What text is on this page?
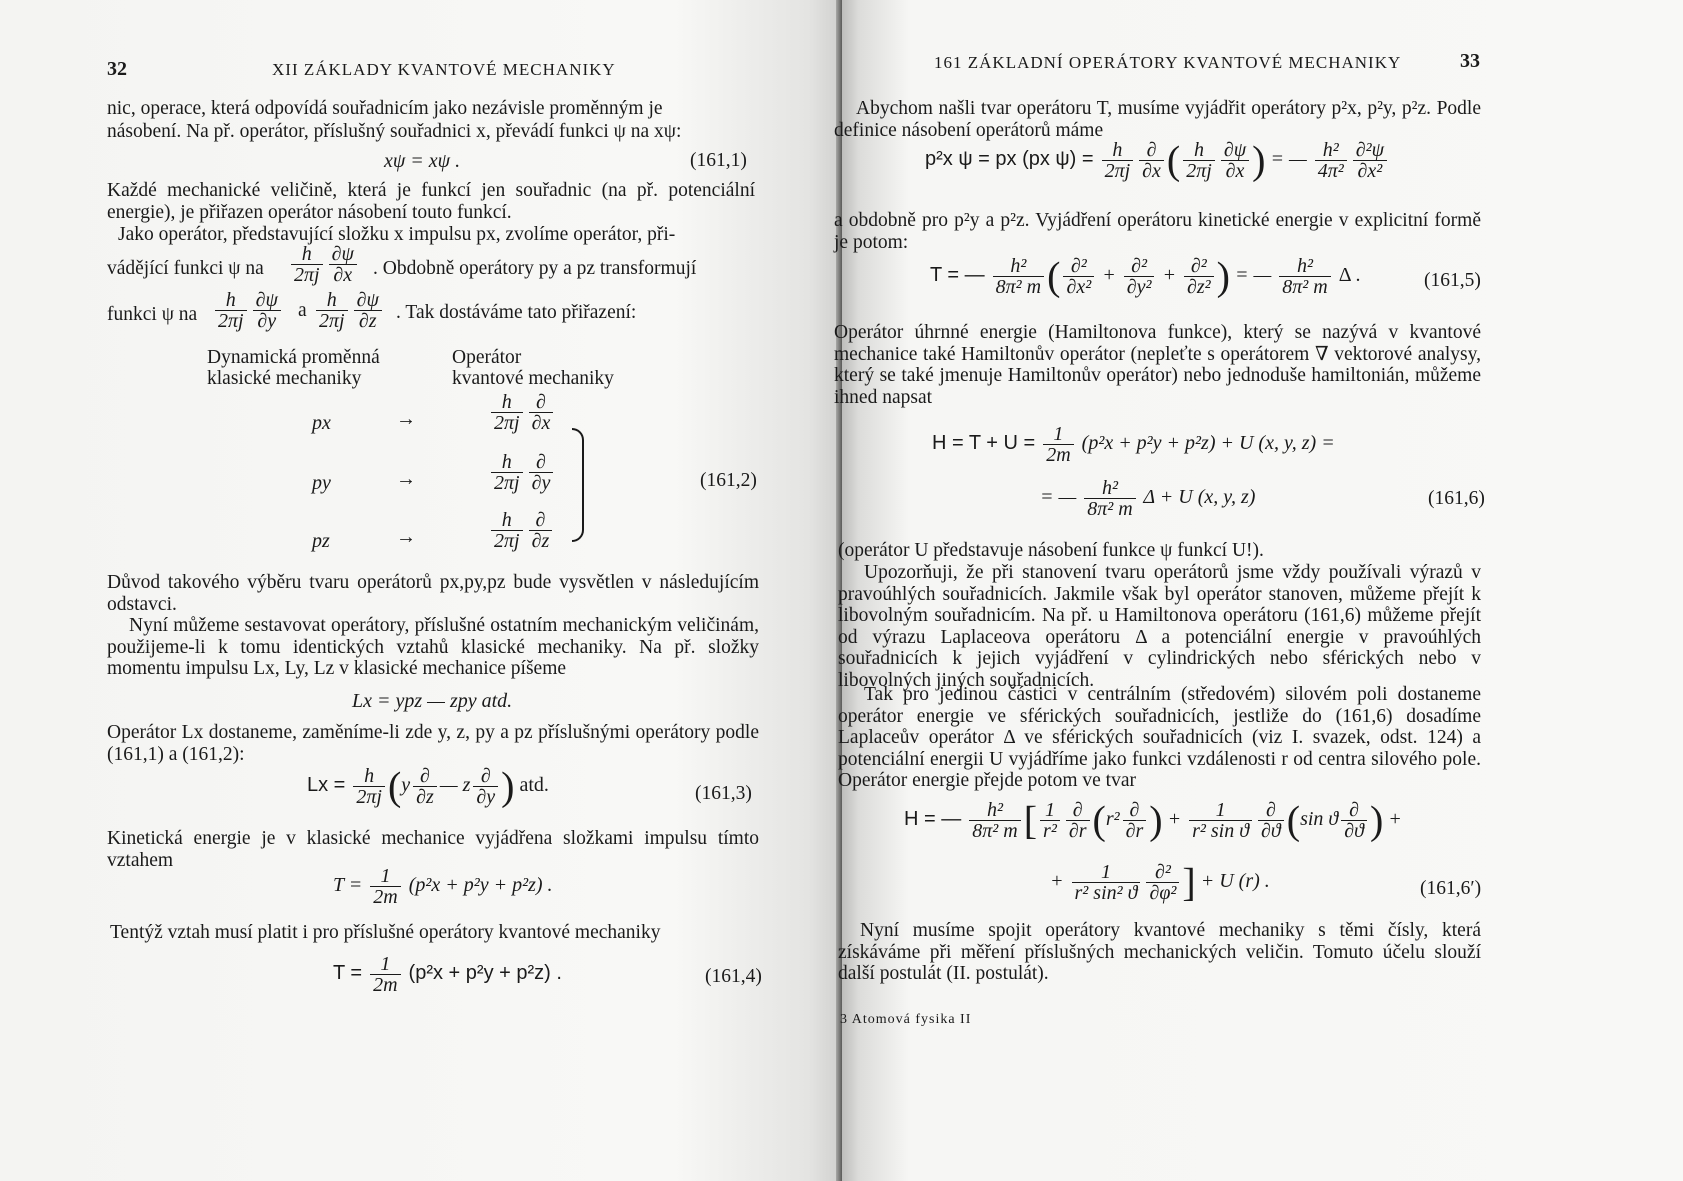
32	XII ZÁKLADY KVANTOVÉ MECHANIKY
nic, operace, která odpovídá souřadnicím jako nezávisle proměnným je
násobení. Na př. operátor, příslušný souřadnici x, převádí funkci ψ na xψ:
xψ = xψ .	(161,1)
Každé mechanické veličině, která je funkcí jen souřadnic (na př. potenciální energie), je přiřazen operátor násobení touto funkcí.
Jako operátor, představující složku x impulsu px, zvolíme operátor, při-
vádějící funkci ψ na $\frac{h}{2\pi j} \frac{\partial\psi}{\partial x}$ . Obdobně operátory py a pz transformují
funkci ψ na $\frac{h}{2\pi j} \frac{\partial\psi}{\partial y}$ a $\frac{h}{2\pi j} \frac{\partial\psi}{\partial z}$ . Tak dostáváme tato přiřazení:
Dynamická proměnná
klasické mechaniky
Operátor
kvantové mechaniky
px	→	$\frac{h}{2\pi j} \frac{\partial}{\partial x}$
py	→	$\frac{h}{2\pi j} \frac{\partial}{\partial y}$
pz	→	$\frac{h}{2\pi j} \frac{\partial}{\partial z}$
(161,2)
Důvod takového výběru tvaru operátorů px,py,pz bude vysvětlen v následujícím odstavci.
Nyní můžeme sestavovat operátory, příslušné ostatním mechanickým veličinám, použijeme-li k tomu identických vztahů klasické mechaniky. Na př. složky momentu impulsu Lx, Ly, Lz v klasické mechanice píšeme
Lx = ypz — zpy atd.
Operátor Lx dostaneme, zaměníme-li zde y, z, py a pz příslušnými operátory podle (161,1) a (161,2):
$Lx = \frac{h}{2\pi j} (y \frac{\partial}{\partial z}$ — z $\frac{\partial}{\partial y}$ ) atd.	(161,3)
Kinetická energie je v klasické mechanice vyjádřena složkami impulsu tímto vztahem
$T = \frac{1}{2m} (p^2x + p^2y + p^2z)$ .
Tentýž vztah musí platit i pro příslušné operátory kvantové mechaniky
$T = \frac{1}{2m} (p^2x + p^2y + p^2z)$ .	(161,4)
161 ZÁKLADNÍ OPERÁTORY KVANTOVÉ MECHANIKY	33
Abychom našli tvar operátoru T, musíme vyjádřit operátory p²x, p²y, p²z. Podle definice násobení operátorů máme
p²x ψ = px (px $\psi) = \frac{h}{2\pi j} \frac{\partial}{\partial x}$ ( $\frac{h}{2\pi j} \frac{\partial\psi}{\partial x}$ ) = — $\frac{\text{h²}}{\text{4π²}} \frac{\text{∂²ψ}}{\text{∂x²}}$
a obdobně pro p²y a p²z. Vyjádření operátoru kinetické energie v explicitní formě je potom:
T = — $\frac{\text{h²}}{\text{8π² m}}$ ( $\frac{\text{∂²}}{\text{∂x²}} + \frac{\text{∂²}}{\text{∂y²}} + \frac{\text{∂²}}{\text{∂z²}}$ ) = — $\frac{\text{h²}}{\text{8π² m}}$ Δ .	(161,5)
Operátor úhrnné energie (Hamiltonova funkce), který se nazývá v kvantové mechanice také Hamiltonův operátor (nepleťte s operátorem ∇ vektorové analysy, který se také jmenuje Hamiltonův operátor) nebo jednoduše hamiltonián, můžeme ihned napsat
$H = T + U = \frac{1}{2m} (p^2x + p^2y + p^2z) + U$ (x, y, z) =
= — $\frac{\text{h²}}{\text{8π² m}}$ Δ + U (x, y, z)	(161,6)
(operátor U představuje násobení funkce ψ funkcí U!).
Upozorňuji, že při stanovení tvaru operátorů jsme vždy používali výrazů v pravoúhlých souřadnicích. Jakmile však byl operátor stanoven, můžeme přejít k libovolným souřadnicím. Na př. u Hamiltonova operátoru (161,6) můžeme přejít od výrazu Laplaceova operátoru Δ a potenciální energie v pravoúhlých souřadnicích k jejich vyjádření v cylindrických nebo sférických nebo v libovolných jiných souřadnicích.
Tak pro jedinou částici v centrálním (středovém) silovém poli dostaneme operátor energie ve sférických souřadnicích, jestliže do (161,6) dosadíme Laplaceův operátor Δ ve sférických souřadnicích (viz I. svazek, odst. 124) a potenciální energii U vyjádříme jako funkci vzdálenosti r od centra silového pole. Operátor energie přejde potom ve tvar
H = — $\frac{\text{h²}}{\text{8π² m}}$ [ $\frac{1}{\text{r²}} \frac{\partial}{\partial r} (r^2 \frac{\partial}{\partial r}$ ) + $\frac{1}{\text{r² sin ϑ}} \frac{\partial}{\partial ϑ} (\sin$ ϑ $\frac{\partial}{\partial ϑ}$ ) +
+ $\frac{1}{\text{r² sin² ϑ}} \frac{\text{∂²}}{\text{∂φ²}}$ ] + U (r) .	(161,6′)
Nyní musíme spojit operátory kvantové mechaniky s těmi čísly, která získáváme při měření příslušných mechanických veličin. Tomuto účelu slouží další postulát (II. postulát).
3 Atomová fysika II
